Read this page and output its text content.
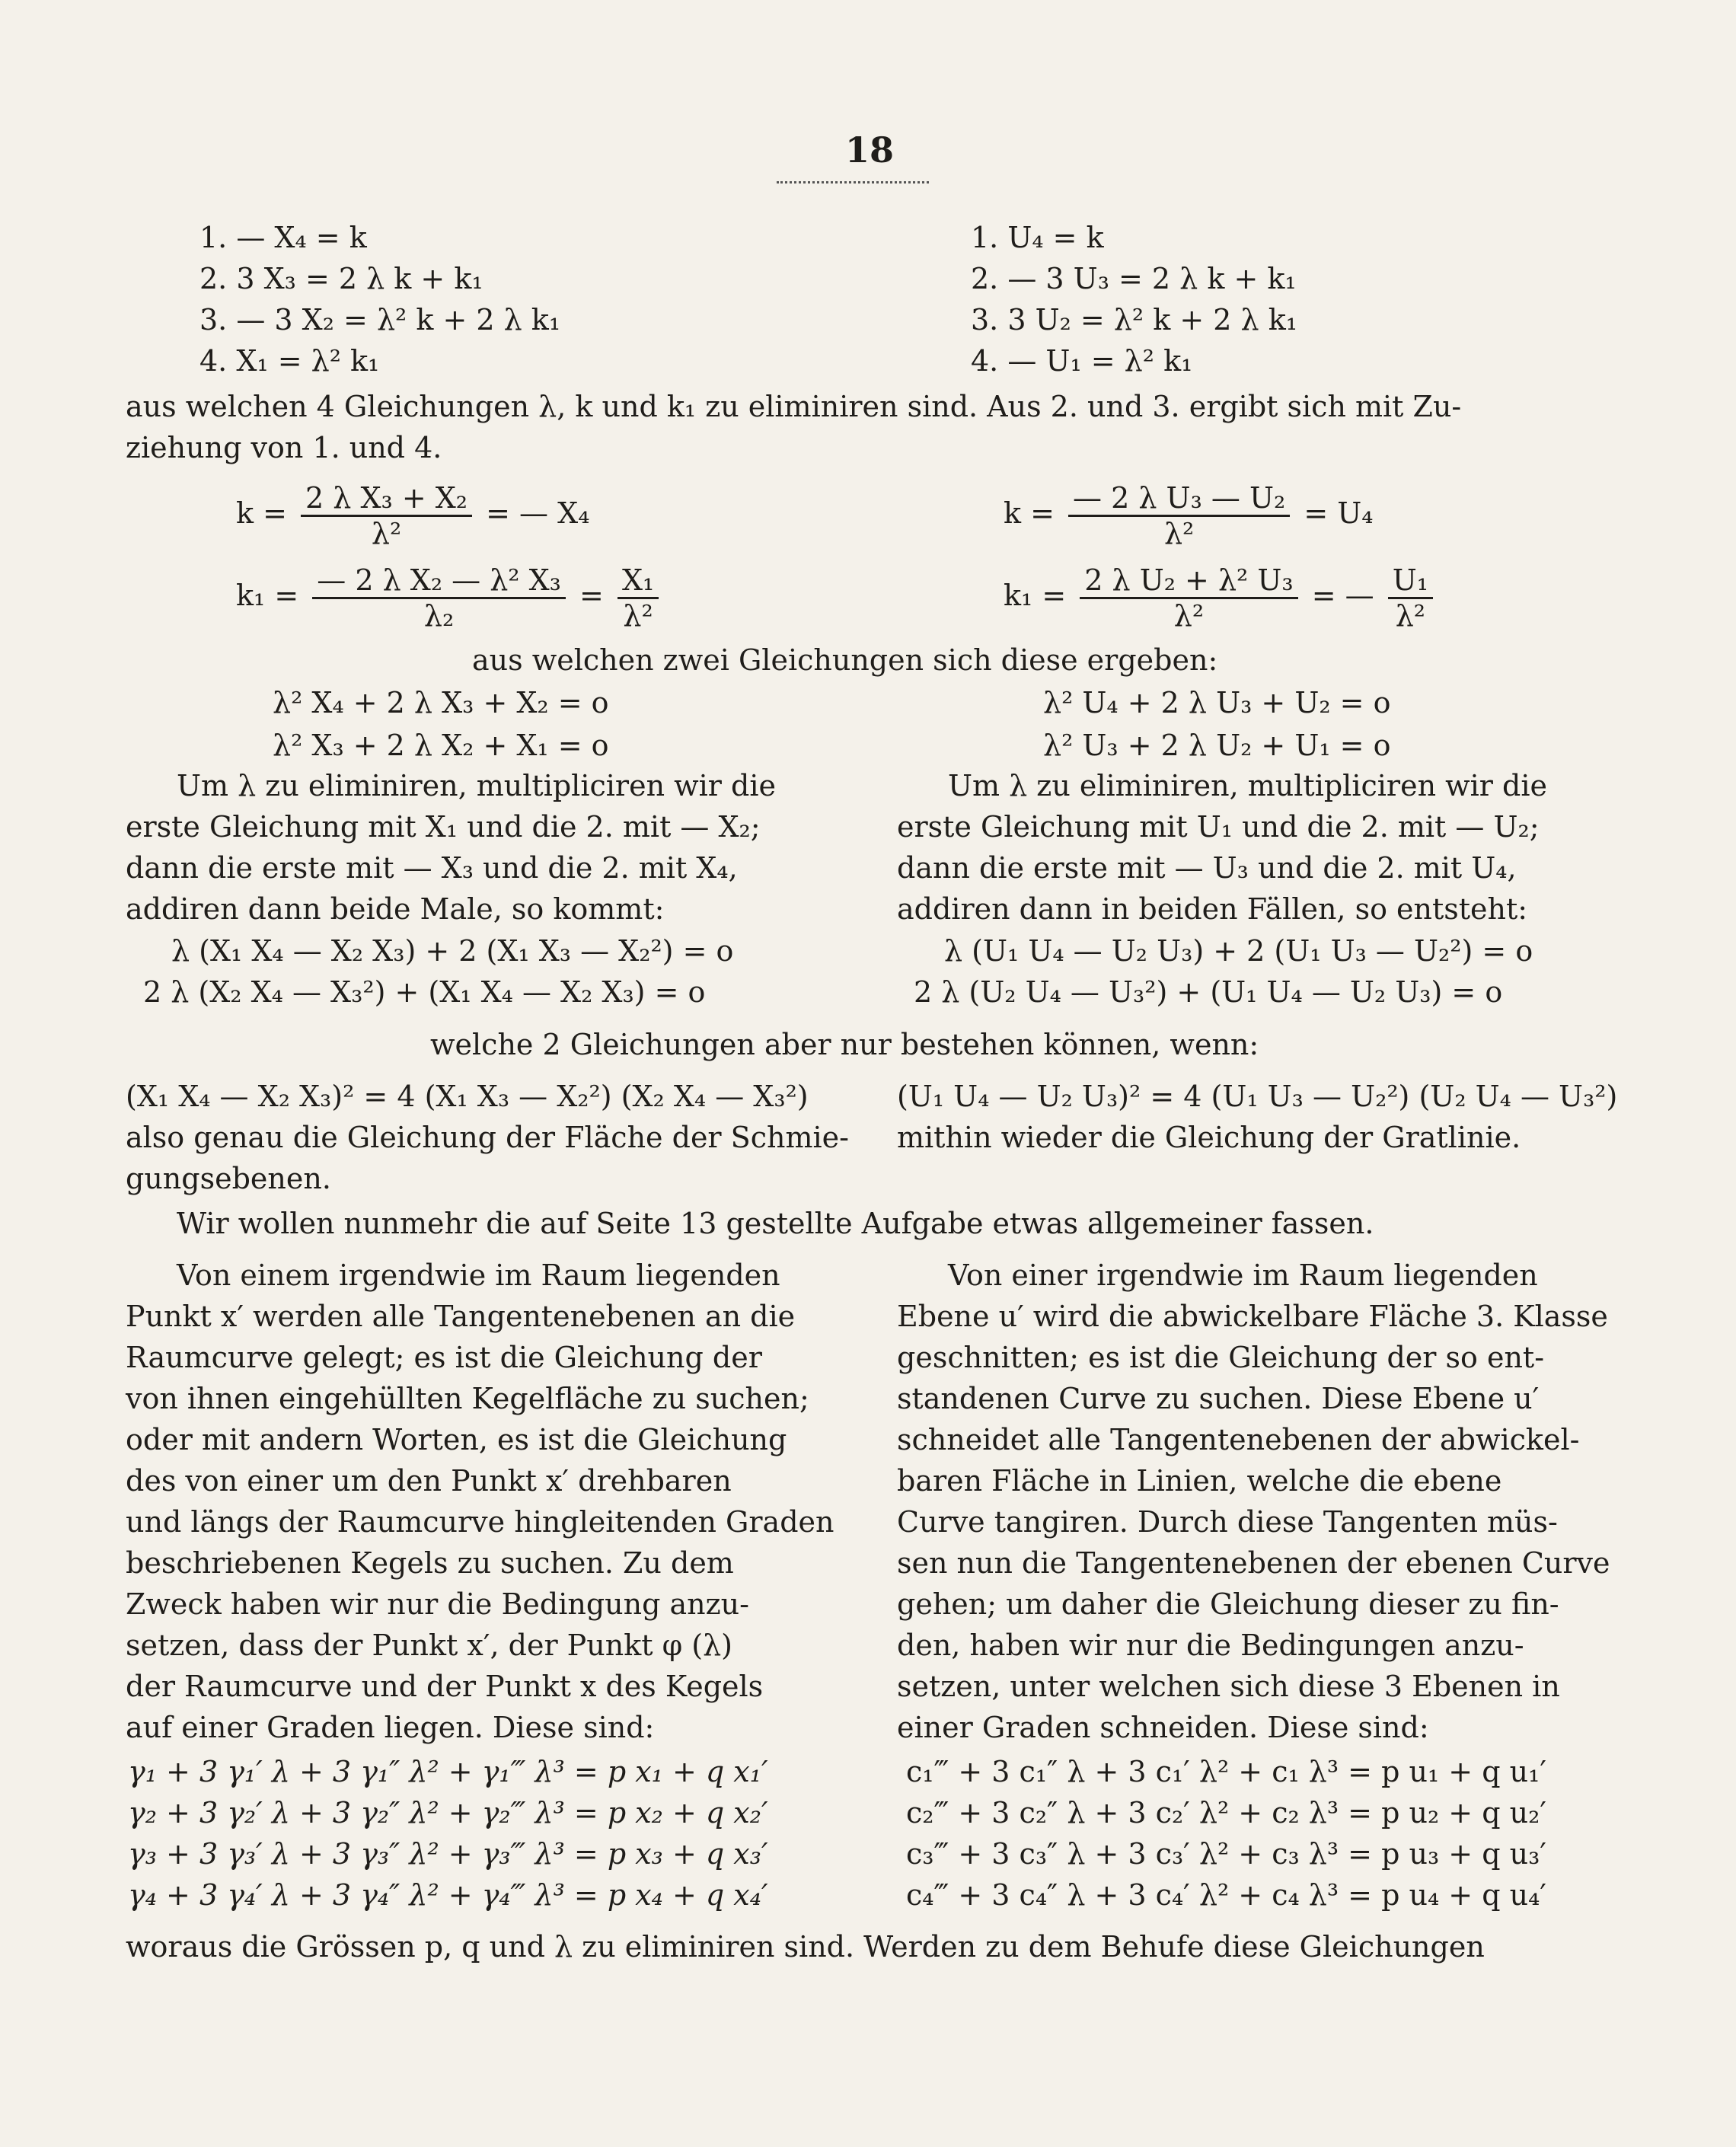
18
1. — X₄ = k
2. 3 X₃ = 2 λ k + k₁
3. — 3 X₂ = λ² k + 2 λ k₁
4. X₁ = λ² k₁
1. U₄ = k
2. — 3 U₃ = 2 λ k + k₁
3. 3 U₂ = λ² k + 2 λ k₁
4. — U₁ = λ² k₁
aus welchen 4 Gleichungen λ, k und k₁ zu eliminiren sind. Aus 2. und 3. ergibt sich mit Zu-
ziehung von 1. und 4.
$k = \frac{\text{2 λ X₃ + X₂}}{\text{λ²}}$ = — X₄
$k_1 = \frac{\text{— 2 λ X₂ — λ² X₃}}{\text{λ₂}} = \frac{\text{X₁}}{\text{λ²}}$
$k = \frac{\text{— 2 λ U₃ — U₂}}{\text{λ²}} = U_4$
$k_1 = \frac{\text{2 λ U₂ + λ² U₃}}{\text{λ²}}$ = — $\frac{\text{U₁}}{\text{λ²}}$
aus welchen zwei Gleichungen sich diese ergeben:
λ² X₄ + 2 λ X₃ + X₂ = o
λ² X₃ + 2 λ X₂ + X₁ = o
λ² U₄ + 2 λ U₃ + U₂ = o
λ² U₃ + 2 λ U₂ + U₁ = o
Um λ zu eliminiren, multipliciren wir die
erste Gleichung mit X₁ und die 2. mit — X₂;
dann die erste mit — X₃ und die 2. mit X₄,
addiren dann beide Male, so kommt:
Um λ zu eliminiren, multipliciren wir die
erste Gleichung mit U₁ und die 2. mit — U₂;
dann die erste mit — U₃ und die 2. mit U₄,
addiren dann in beiden Fällen, so entsteht:
λ (X₁ X₄ — X₂ X₃) + 2 (X₁ X₃ — X₂²) = o
2 λ (X₂ X₄ — X₃²) + (X₁ X₄ — X₂ X₃) = o
λ (U₁ U₄ — U₂ U₃) + 2 (U₁ U₃ — U₂²) = o
2 λ (U₂ U₄ — U₃²) + (U₁ U₄ — U₂ U₃) = o
welche 2 Gleichungen aber nur bestehen können, wenn:
(X₁ X₄ — X₂ X₃)² = 4 (X₁ X₃ — X₂²) (X₂ X₄ — X₃²)	(U₁ U₄ — U₂ U₃)² = 4 (U₁ U₃ — U₂²) (U₂ U₄ — U₃²)
also genau die Gleichung der Fläche der Schmie-
gungsebenen.
mithin wieder die Gleichung der Gratlinie.
Wir wollen nunmehr die auf Seite 13 gestellte Aufgabe etwas allgemeiner fassen.
Von einem irgendwie im Raum liegenden
Punkt x′ werden alle Tangentenebenen an die
Raumcurve gelegt; es ist die Gleichung der
von ihnen eingehüllten Kegelfläche zu suchen;
oder mit andern Worten, es ist die Gleichung
des von einer um den Punkt x′ drehbaren
und längs der Raumcurve hingleitenden Graden
beschriebenen Kegels zu suchen. Zu dem
Zweck haben wir nur die Bedingung anzu-
setzen, dass der Punkt x′, der Punkt φ (λ)
der Raumcurve und der Punkt x des Kegels
auf einer Graden liegen. Diese sind:
Von einer irgendwie im Raum liegenden
Ebene u′ wird die abwickelbare Fläche 3. Klasse
geschnitten; es ist die Gleichung der so ent-
standenen Curve zu suchen. Diese Ebene u′
schneidet alle Tangentenebenen der abwickel-
baren Fläche in Linien, welche die ebene
Curve tangiren. Durch diese Tangenten müs-
sen nun die Tangentenebenen der ebenen Curve
gehen; um daher die Gleichung dieser zu fin-
den, haben wir nur die Bedingungen anzu-
setzen, unter welchen sich diese 3 Ebenen in
einer Graden schneiden. Diese sind:
γ₁ + 3 γ₁′ λ + 3 γ₁″ λ² + γ₁‴ λ³ = p x₁ + q x₁′
γ₂ + 3 γ₂′ λ + 3 γ₂″ λ² + γ₂‴ λ³ = p x₂ + q x₂′
γ₃ + 3 γ₃′ λ + 3 γ₃″ λ² + γ₃‴ λ³ = p x₃ + q x₃′
γ₄ + 3 γ₄′ λ + 3 γ₄″ λ² + γ₄‴ λ³ = p x₄ + q x₄′
c₁‴ + 3 c₁″ λ + 3 c₁′ λ² + c₁ λ³ = p u₁ + q u₁′
c₂‴ + 3 c₂″ λ + 3 c₂′ λ² + c₂ λ³ = p u₂ + q u₂′
c₃‴ + 3 c₃″ λ + 3 c₃′ λ² + c₃ λ³ = p u₃ + q u₃′
c₄‴ + 3 c₄″ λ + 3 c₄′ λ² + c₄ λ³ = p u₄ + q u₄′
woraus die Grössen p, q und λ zu eliminiren sind. Werden zu dem Behufe diese Gleichungen
